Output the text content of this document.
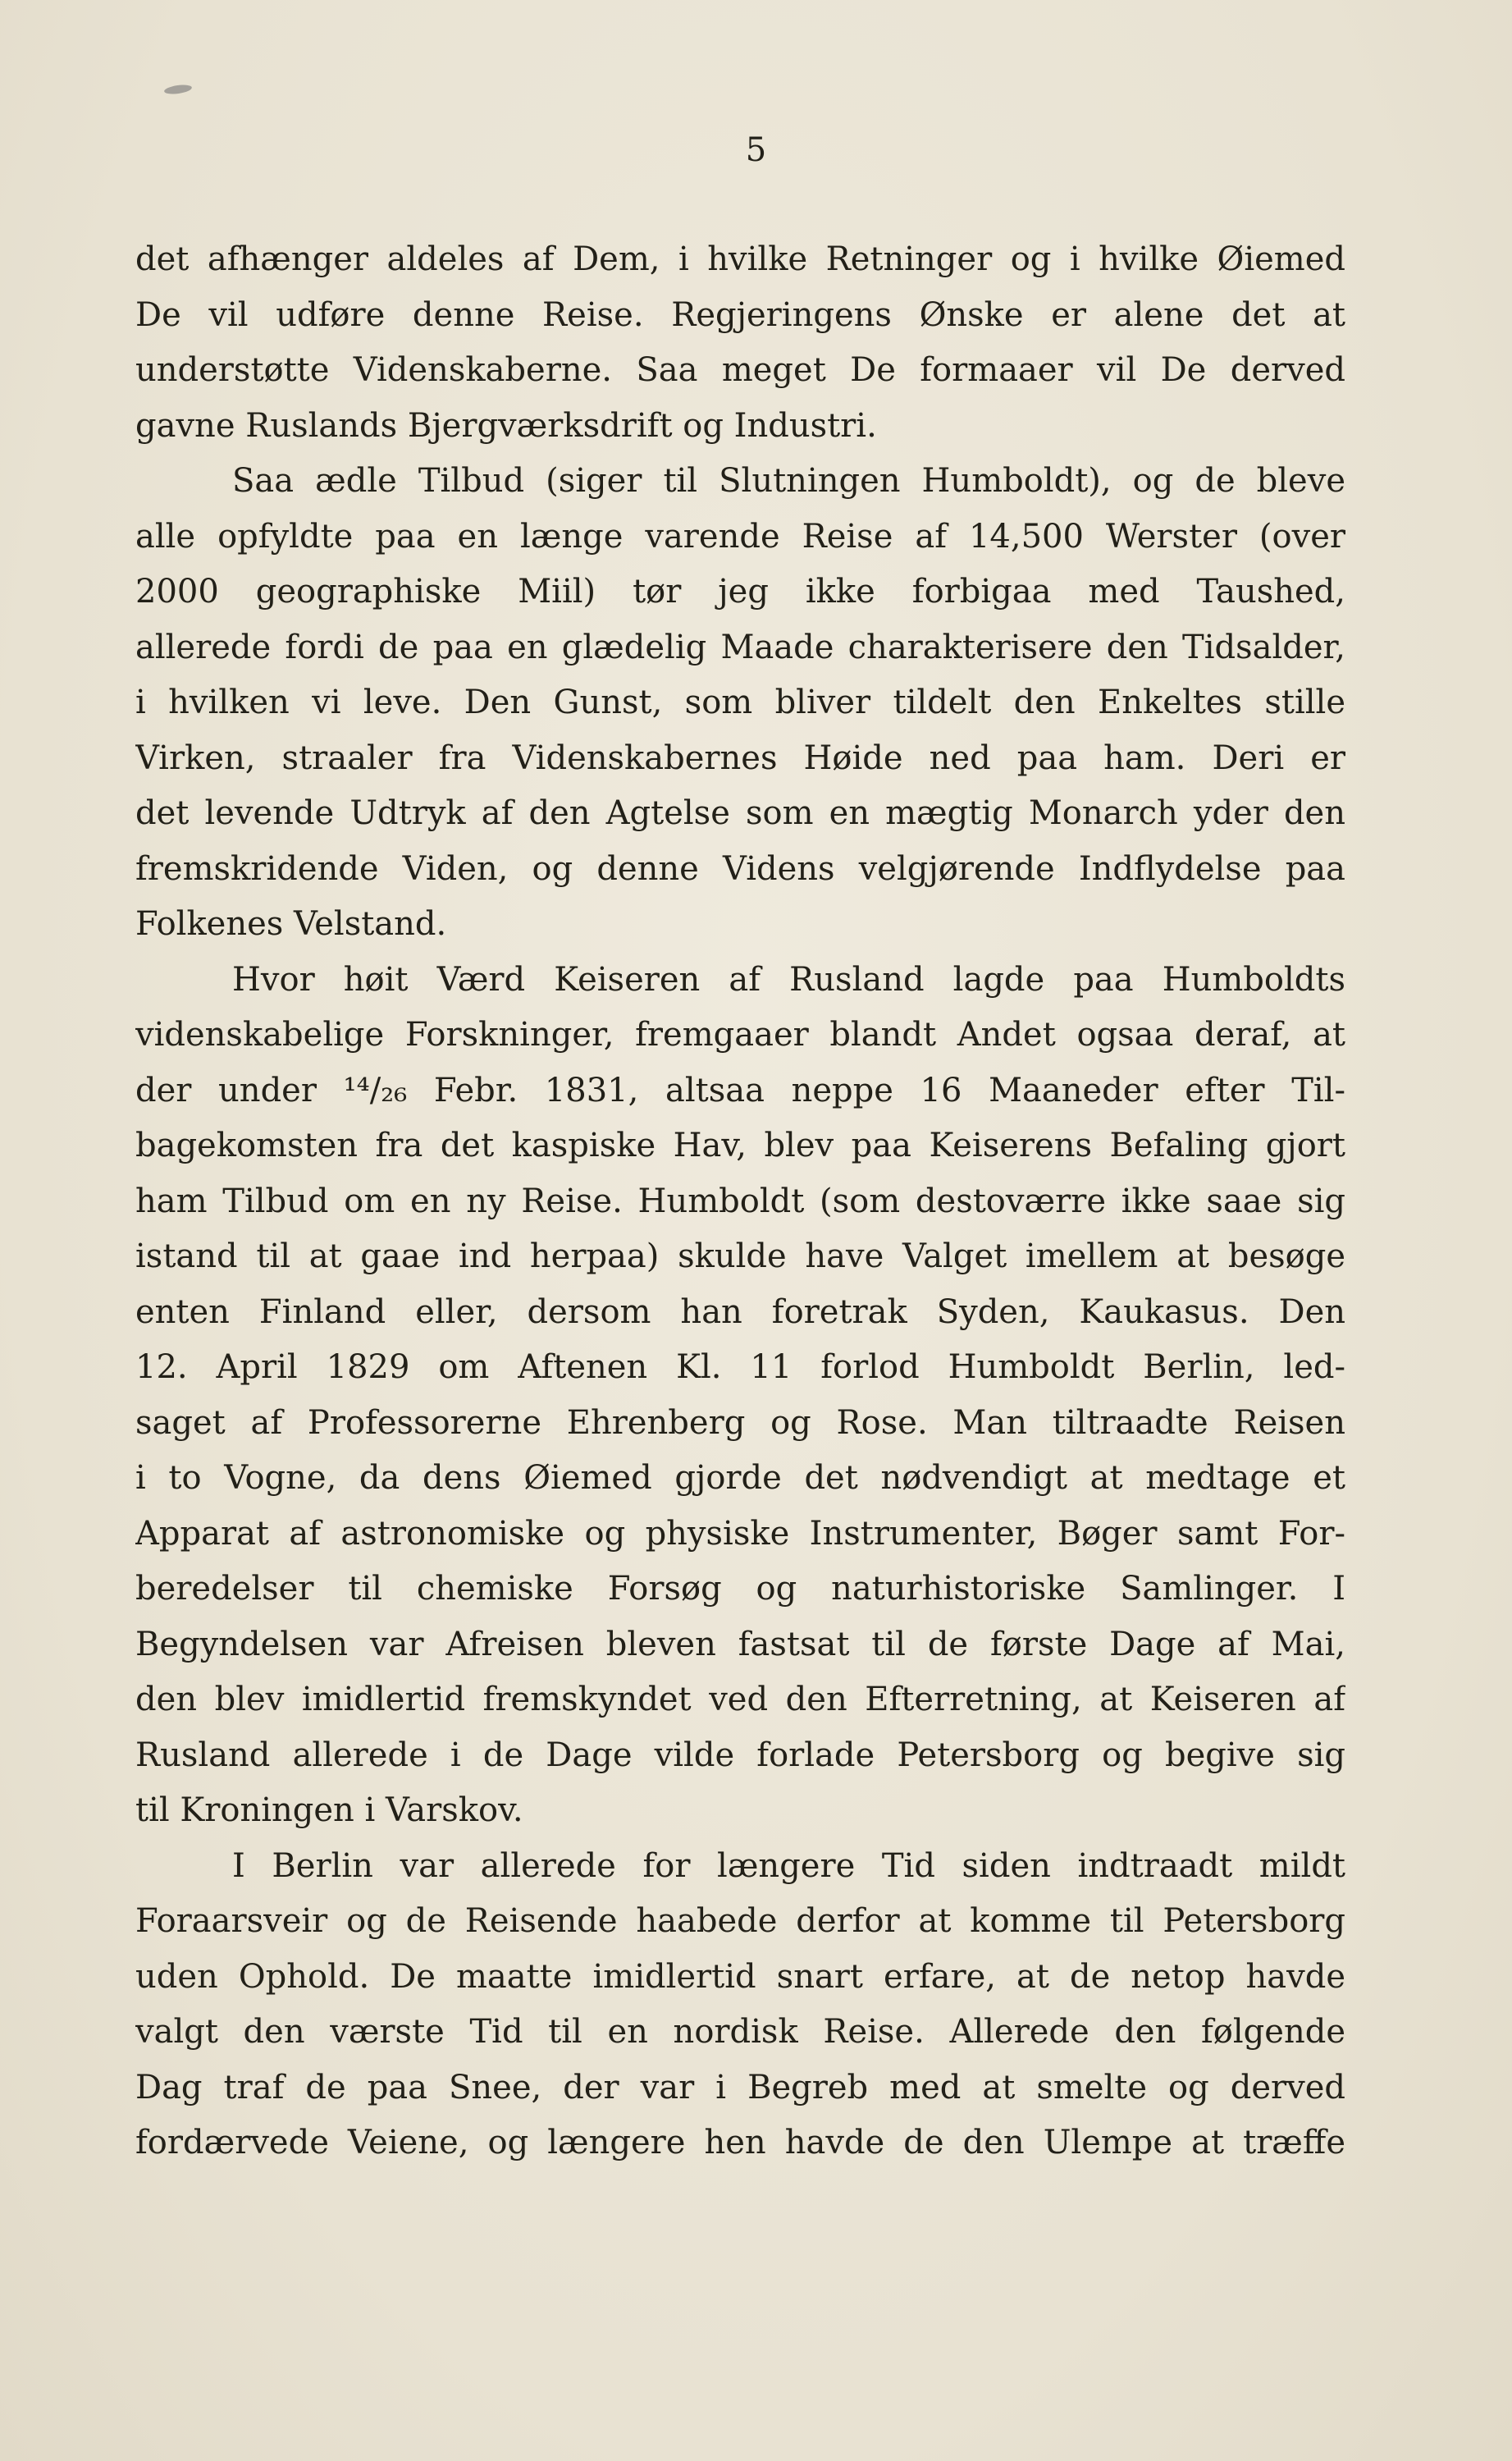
5
det afhænger aldeles af Dem, i hvilke Retninger og i hvilke Øiemed
De vil udføre denne Reise. Regjeringens Ønske er alene det at
understøtte Videnskaberne. Saa meget De formaaer vil De derved
gavne Ruslands Bjergværksdrift og Industri.
Saa ædle Tilbud (siger til Slutningen Humboldt), og de bleve
alle opfyldte paa en længe varende Reise af 14,500 Werster (over
2000 geographiske Miil) tør jeg ikke forbigaa med Taushed,
allerede fordi de paa en glædelig Maade charakterisere den Tidsalder,
i hvilken vi leve. Den Gunst, som bliver tildelt den Enkeltes stille
Virken, straaler fra Videnskabernes Høide ned paa ham. Deri er
det levende Udtryk af den Agtelse som en mægtig Monarch yder den
fremskridende Viden, og denne Videns velgjørende Indflydelse paa
Folkenes Velstand.
Hvor høit Værd Keiseren af Rusland lagde paa Humboldts
videnskabelige Forskninger, fremgaaer blandt Andet ogsaa deraf, at
der under ¹⁴/₂₆ Febr. 1831, altsaa neppe 16 Maaneder efter Til-
bagekomsten fra det kaspiske Hav, blev paa Keiserens Befaling gjort
ham Tilbud om en ny Reise. Humboldt (som destoværre ikke saae sig
istand til at gaae ind herpaa) skulde have Valget imellem at besøge
enten Finland eller, dersom han foretrak Syden, Kaukasus. Den
12. April 1829 om Aftenen Kl. 11 forlod Humboldt Berlin, led-
saget af Professorerne Ehrenberg og Rose. Man tiltraadte Reisen
i to Vogne, da dens Øiemed gjorde det nødvendigt at medtage et
Apparat af astronomiske og physiske Instrumenter, Bøger samt For-
beredelser til chemiske Forsøg og naturhistoriske Samlinger. I
Begyndelsen var Afreisen bleven fastsat til de første Dage af Mai,
den blev imidlertid fremskyndet ved den Efterretning, at Keiseren af
Rusland allerede i de Dage vilde forlade Petersborg og begive sig
til Kroningen i Varskov.
I Berlin var allerede for længere Tid siden indtraadt mildt
Foraarsveir og de Reisende haabede derfor at komme til Petersborg
uden Ophold. De maatte imidlertid snart erfare, at de netop havde
valgt den værste Tid til en nordisk Reise. Allerede den følgende
Dag traf de paa Snee, der var i Begreb med at smelte og derved
fordærvede Veiene, og længere hen havde de den Ulempe at træffe
